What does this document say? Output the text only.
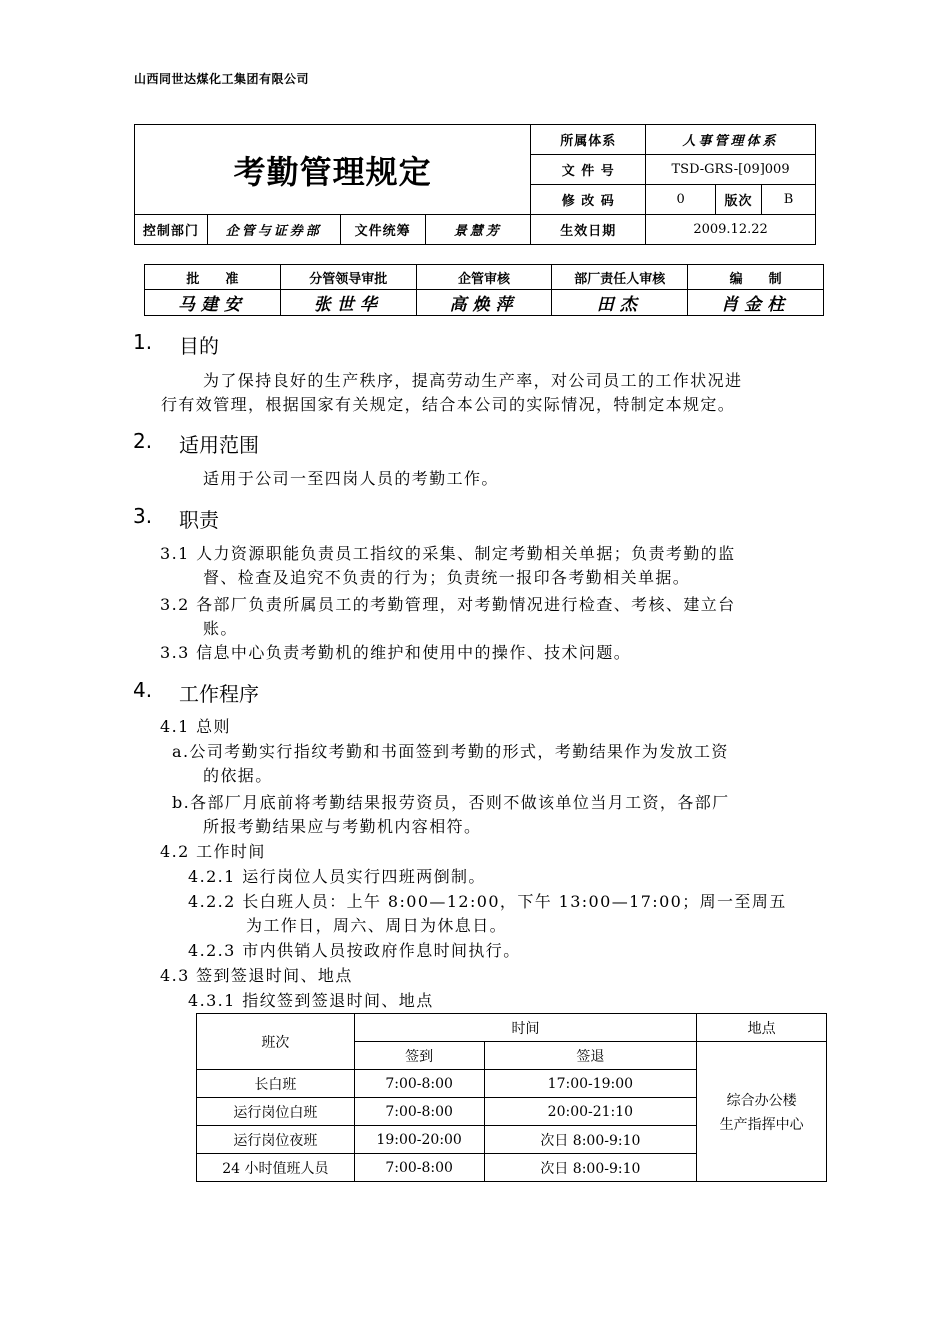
山西同世达煤化工集团有限公司
考勤管理规定				所属体系	人事管理体系		
				文 件 号	TSD-GRS-[09]009		
				修 改 码	0	版次	B
控制部门	企管与证券部	文件统筹	景慧芳	生效日期	2009.12.22		
批　　准	分管领导审批	企管审核	部厂责任人审核	编　　制
马建安	张世华	高焕萍	田杰	肖金柱
1. 目的
为了保持良好的生产秩序，提高劳动生产率，对公司员工的工作状况进
行有效管理，根据国家有关规定，结合本公司的实际情况，特制定本规定。
2. 适用范围
适用于公司一至四岗人员的考勤工作。
3. 职责
3.1 人力资源职能负责员工指纹的采集、制定考勤相关单据；负责考勤的监
督、检查及追究不负责的行为；负责统一报印各考勤相关单据。
3.2 各部厂负责所属员工的考勤管理，对考勤情况进行检查、考核、建立台
账。
3.3 信息中心负责考勤机的维护和使用中的操作、技术问题。
4. 工作程序
4.1 总则
a.公司考勤实行指纹考勤和书面签到考勤的形式，考勤结果作为发放工资
的依据。
b.各部厂月底前将考勤结果报劳资员，否则不做该单位当月工资，各部厂
所报考勤结果应与考勤机内容相符。
4.2 工作时间
4.2.1 运行岗位人员实行四班两倒制。
4.2.2 长白班人员：上午 8:00—12:00，下午 13:00—17:00；周一至周五
为工作日，周六、周日为休息日。
4.2.3 市内供销人员按政府作息时间执行。
4.3 签到签退时间、地点
4.3.1 指纹签到签退时间、地点
班次	时间		地点
	签到	签退	综合办公楼
生产指挥中心

长白班	7:00-8:00	17:00-19:00	
运行岗位白班	7:00-8:00	20:00-21:10	
运行岗位夜班	19:00-20:00	次日 8:00-9:10	
24 小时值班人员	7:00-8:00	次日 8:00-9:10	
